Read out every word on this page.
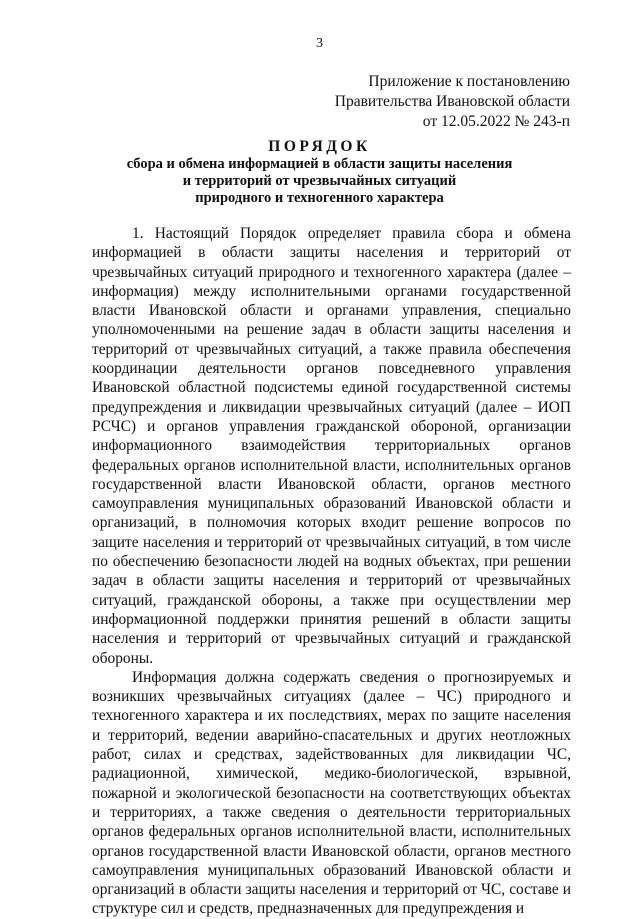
3
Приложение к постановлению
Правительства Ивановской области
от 12.05.2022 № 243-п
ПОРЯДОК
сбора и обмена информацией в области защиты населения
и территорий от чрезвычайных ситуаций
природного и техногенного характера

1. Настоящий Порядок определяет правила сбора и обмена информацией в области защиты населения и территорий от чрезвычайных ситуаций природного и техногенного характера (далее – информация) между исполнительными органами государственной власти Ивановской области и органами управления, специально уполномоченными на решение задач в области защиты населения и территорий от чрезвычайных ситуаций, а также правила обеспечения координации деятельности органов повседневного управления Ивановской областной подсистемы единой государственной системы предупреждения и ликвидации чрезвычайных ситуаций (далее – ИОП РСЧС) и органов управления гражданской обороной, организации информационного взаимодействия территориальных органов федеральных органов исполнительной власти, исполнительных органов государственной власти Ивановской области, органов местного самоуправления муниципальных образований Ивановской области и организаций, в полномочия которых входит решение вопросов по защите населения и территорий от чрезвычайных ситуаций, в том числе по обеспечению безопасности людей на водных объектах, при решении задач в области защиты населения и территорий от чрезвычайных ситуаций, гражданской обороны, а также при осуществлении мер информационной поддержки принятия решений в области защиты населения и территорий от чрезвычайных ситуаций и гражданской обороны.

Информация должна содержать сведения о прогнозируемых и возникших чрезвычайных ситуациях (далее – ЧС) природного и техногенного характера и их последствиях, мерах по защите населения и территорий, ведении аварийно-спасательных и других неотложных работ, силах и средствах, задействованных для ликвидации ЧС, радиационной, химической, медико-биологической, взрывной, пожарной и экологической безопасности на соответствующих объектах и территориях, а также сведения о деятельности территориальных органов федеральных органов исполнительной власти, исполнительных органов государственной власти Ивановской области, органов местного самоуправления муниципальных образований Ивановской области и организаций в области защиты населения и территорий от ЧС, составе и структуре сил и средств, предназначенных для предупреждения и
